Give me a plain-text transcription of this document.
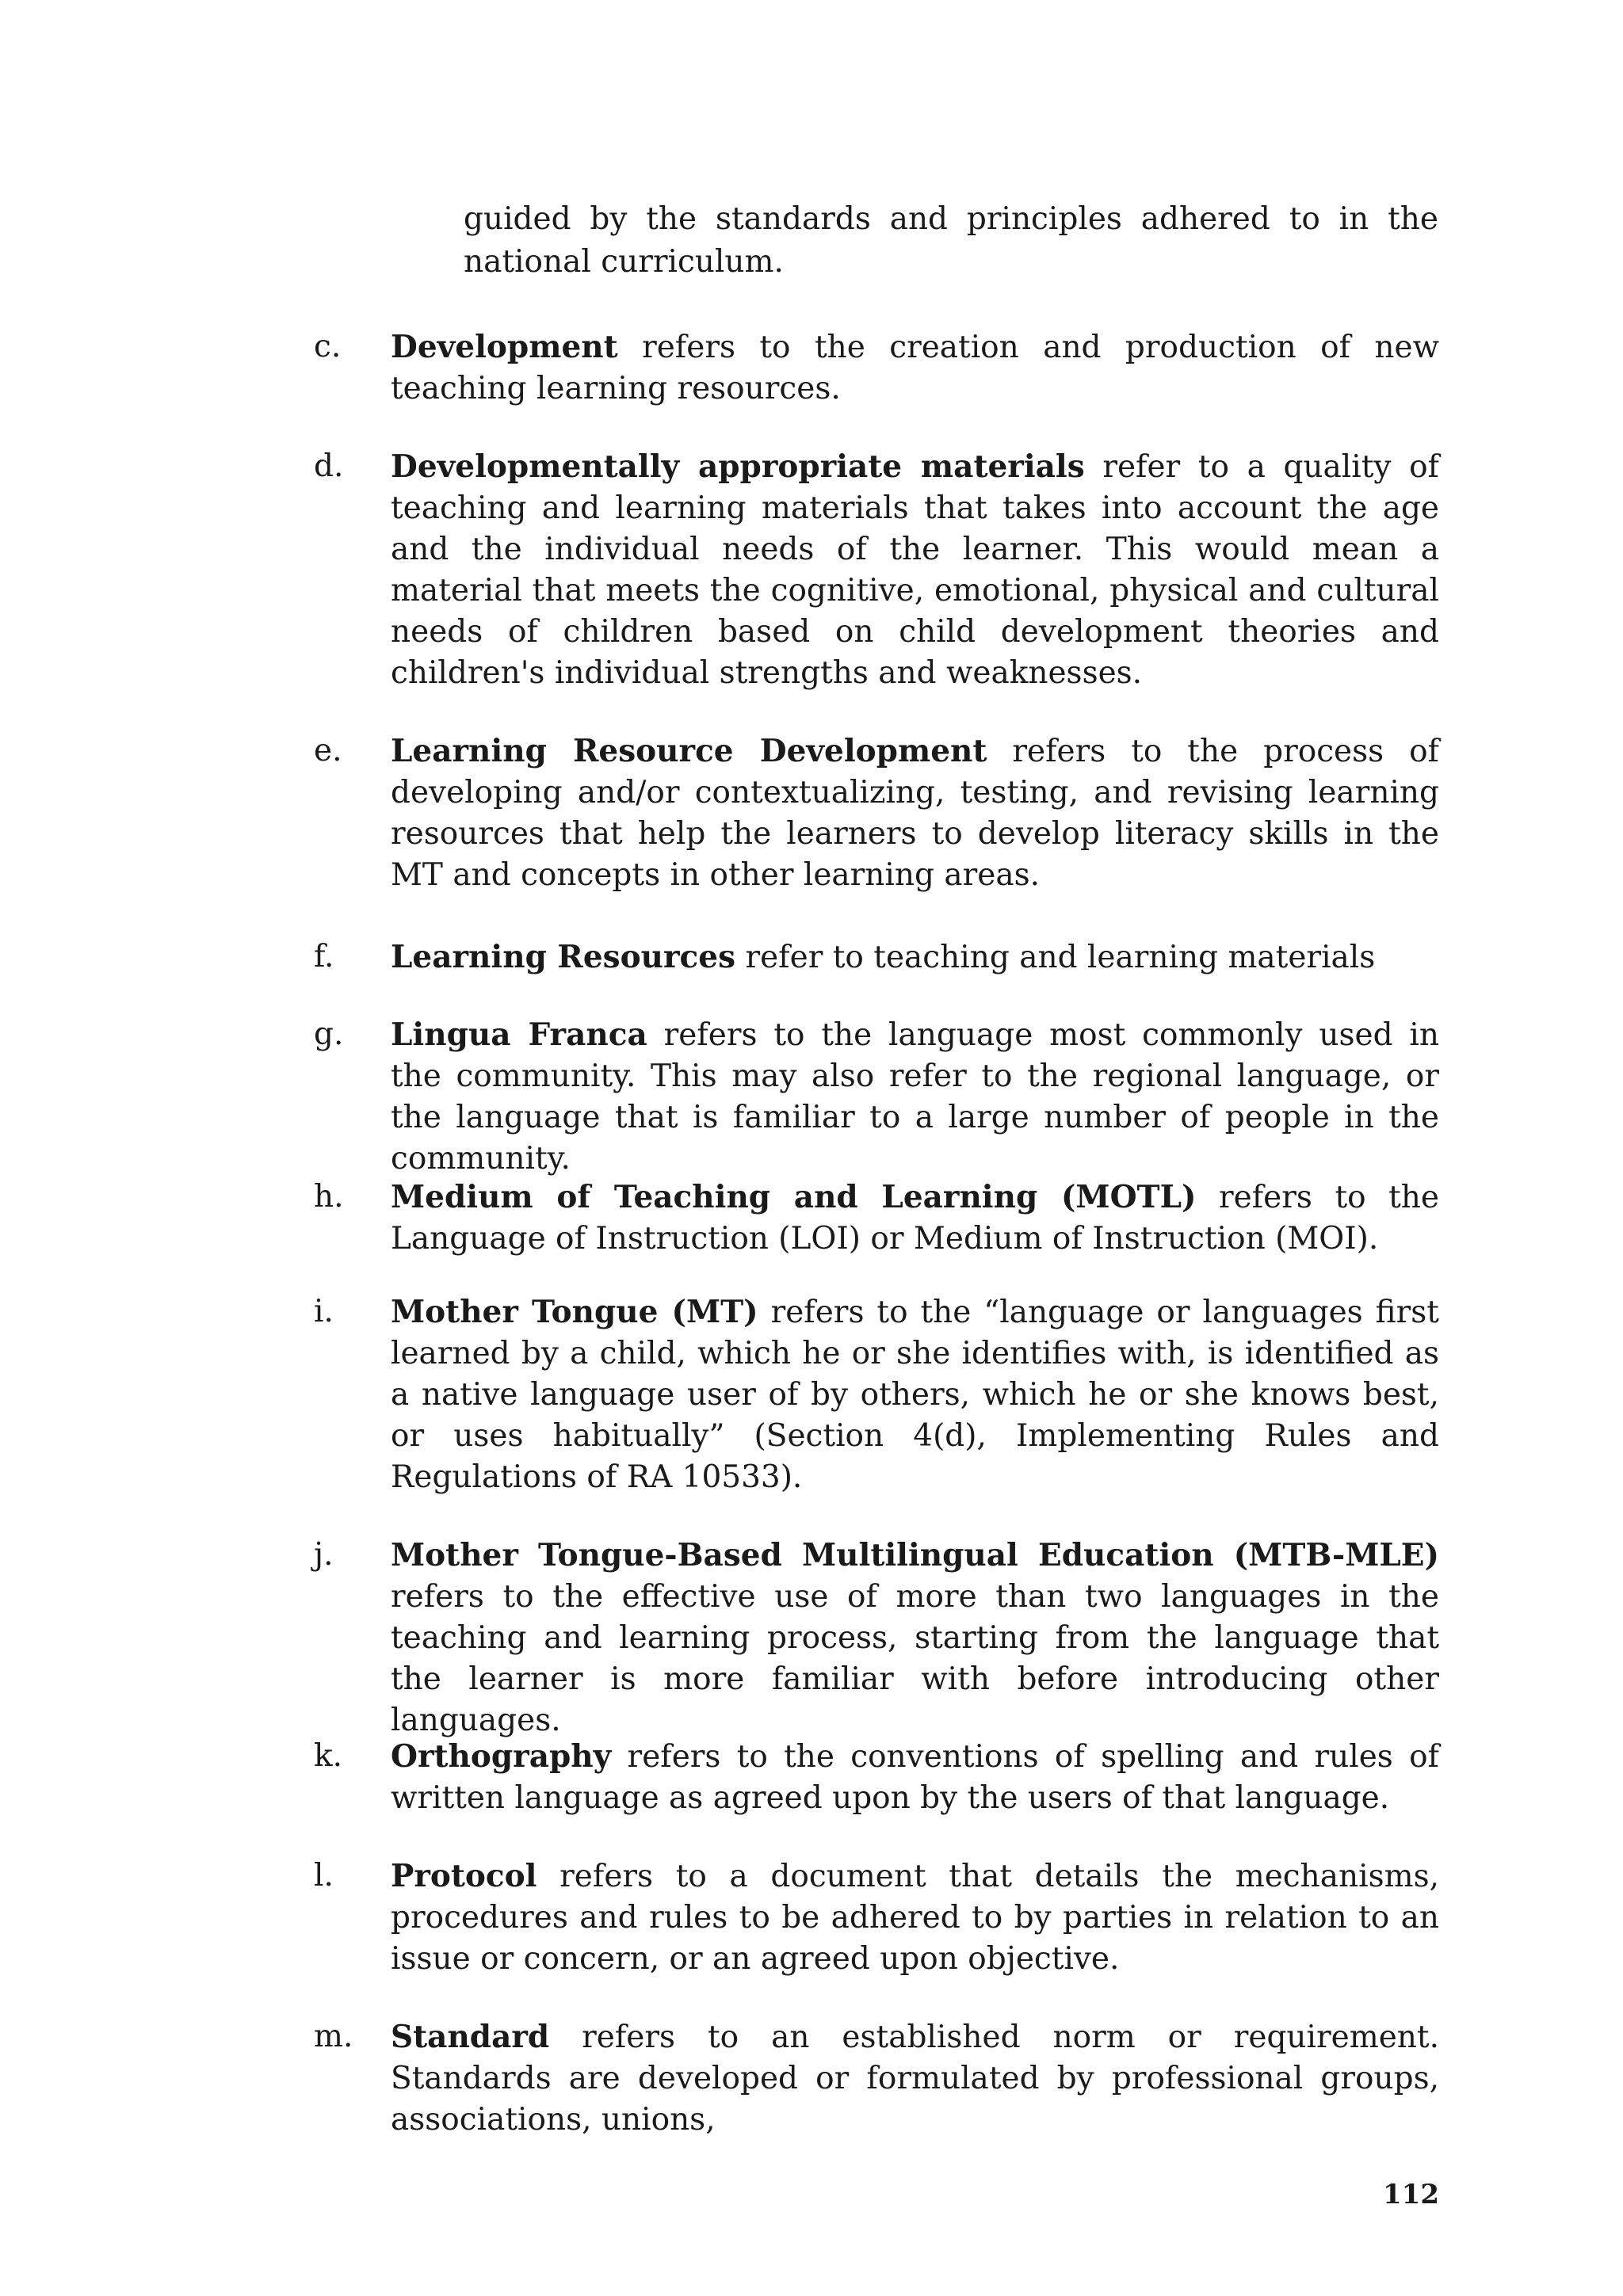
guided by the standards and principles adhered to in the national curriculum.

c.	Development refers to the creation and production of new teaching learning resources.
d.	Developmentally appropriate materials refer to a quality of teaching and learning materials that takes into account the age and the individual needs of the learner. This would mean a material that meets the cognitive, emotional, physical and cultural needs of children based on child development theories and children's individual strengths and weaknesses.
e.	Learning Resource Development refers to the process of developing and/or contextualizing, testing, and revising learning resources that help the learners to develop literacy skills in the MT and concepts in other learning areas.
f.	Learning Resources refer to teaching and learning materials
g.	Lingua Franca refers to the language most commonly used in the community. This may also refer to the regional language, or the language that is familiar to a large number of people in the community.
h.	Medium of Teaching and Learning (MOTL) refers to the Language of Instruction (LOI) or Medium of Instruction (MOI).
i.	Mother Tongue (MT) refers to the “language or languages first learned by a child, which he or she identifies with, is identified as a native language user of by others, which he or she knows best, or uses habitually” (Section 4(d), Implementing Rules and Regulations of RA 10533).
j.	Mother Tongue-Based Multilingual Education (MTB-MLE) refers to the effective use of more than two languages in the teaching and learning process, starting from the language that the learner is more familiar with before introducing other languages.
k.	Orthography refers to the conventions of spelling and rules of written language as agreed upon by the users of that language.
l.	Protocol refers to a document that details the mechanisms, procedures and rules to be adhered to by parties in relation to an issue or concern, or an agreed upon objective.
m. Standard refers to an established norm or requirement. Standards are developed or formulated by professional groups, associations, unions,
112
